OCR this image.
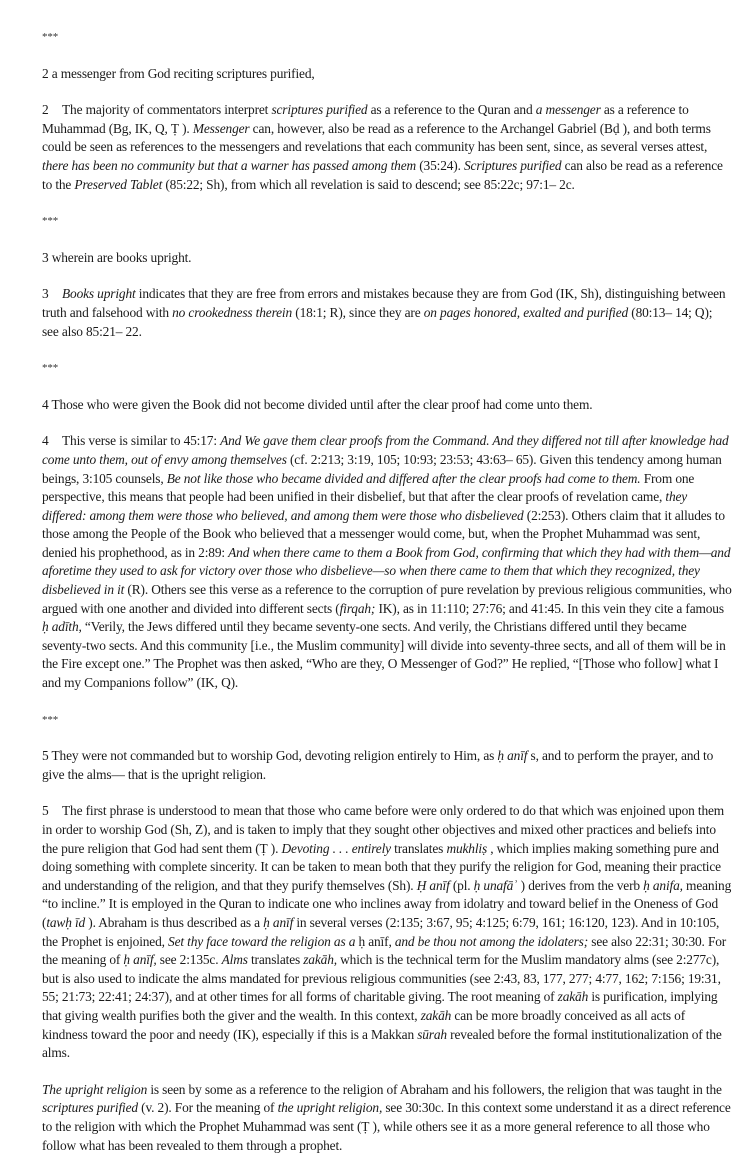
***

2 a messenger from God reciting scriptures purified,

2 The majority of commentators interpret scriptures purified as a reference to the Quran and a messenger as a reference to Muhammad (Bg, IK, Q, Ṭ ). Messenger can, however, also be read as a reference to the Archangel Gabriel (Bḍ ), and both terms could be seen as references to the messengers and revelations that each community has been sent, since, as several verses attest, there has been no community but that a warner has passed among them (35:24). Scriptures purified can also be read as a reference to the Preserved Tablet (85:22; Sh), from which all revelation is said to descend; see 85:22c; 97:1– 2c.

***

3 wherein are books upright.

3 Books upright indicates that they are free from errors and mistakes because they are from God (IK, Sh), distinguishing between truth and falsehood with no crookedness therein (18:1; R), since they are on pages honored, exalted and purified (80:13– 14; Q); see also 85:21– 22.

***

4 Those who were given the Book did not become divided until after the clear proof had come unto them.

4 This verse is similar to 45:17: And We gave them clear proofs from the Command. And they differed not till after knowledge had come unto them, out of envy among themselves (cf. 2:213; 3:19, 105; 10:93; 23:53; 43:63– 65). Given this tendency among human beings, 3:105 counsels, Be not like those who became divided and differed after the clear proofs had come to them. From one perspective, this means that people had been unified in their disbelief, but that after the clear proofs of revelation came, they differed: among them were those who believed, and among them were those who disbelieved (2:253). Others claim that it alludes to those among the People of the Book who believed that a messenger would come, but, when the Prophet Muhammad was sent, denied his prophethood, as in 2:89: And when there came to them a Book from God, confirming that which they had with them—and aforetime they used to ask for victory over those who disbelieve—so when there came to them that which they recognized, they disbelieved in it (R). Others see this verse as a reference to the corruption of pure revelation by previous religious communities, who argued with one another and divided into different sects (firqah; IK), as in 11:110; 27:76; and 41:45. In this vein they cite a famous ḥ adīth, “Verily, the Jews differed until they became seventy-one sects. And verily, the Christians differed until they became seventy-two sects. And this community [i.e., the Muslim community] will divide into seventy-three sects, and all of them will be in the Fire except one.” The Prophet was then asked, “Who are they, O Messenger of God?” He replied, “[Those who follow] what I and my Companions follow” (IK, Q).

***

5 They were not commanded but to worship God, devoting religion entirely to Him, as ḥ anīf s, and to perform the prayer, and to give the alms— that is the upright religion.

5 The first phrase is understood to mean that those who came before were only ordered to do that which was enjoined upon them in order to worship God (Sh, Z), and is taken to imply that they sought other objectives and mixed other practices and beliefs into the pure religion that God had sent them (Ṭ ). Devoting . . . entirely translates mukhliṣ , which implies making something pure and doing something with complete sincerity. It can be taken to mean both that they purify the religion for God, meaning their practice and understanding of the religion, and that they purify themselves (Sh). Ḥ anīf (pl. ḥ unafāʾ ) derives from the verb ḥ anifa, meaning “to incline.” It is employed in the Quran to indicate one who inclines away from idolatry and toward belief in the Oneness of God (tawḥ īd ). Abraham is thus described as a ḥ anīf in several verses (2:135; 3:67, 95; 4:125; 6:79, 161; 16:120, 123). And in 10:105, the Prophet is enjoined, Set thy face toward the religion as a ḥ anīf, and be thou not among the idolaters; see also 22:31; 30:30. For the meaning of ḥ anīf, see 2:135c. Alms translates zakāh, which is the technical term for the Muslim mandatory alms (see 2:277c), but is also used to indicate the alms mandated for previous religious communities (see 2:43, 83, 177, 277; 4:77, 162; 7:156; 19:31, 55; 21:73; 22:41; 24:37), and at other times for all forms of charitable giving. The root meaning of zakāh is purification, implying that giving wealth purifies both the giver and the wealth. In this context, zakāh can be more broadly conceived as all acts of kindness toward the poor and needy (IK), especially if this is a Makkan sūrah revealed before the formal institutionalization of the alms.

The upright religion is seen by some as a reference to the religion of Abraham and his followers, the religion that was taught in the scriptures purified (v. 2). For the meaning of the upright religion, see 30:30c. In this context some understand it as a direct reference to the religion with which the Prophet Muhammad was sent (Ṭ ), while others see it as a more general reference to all those who follow what has been revealed to them through a prophet.
